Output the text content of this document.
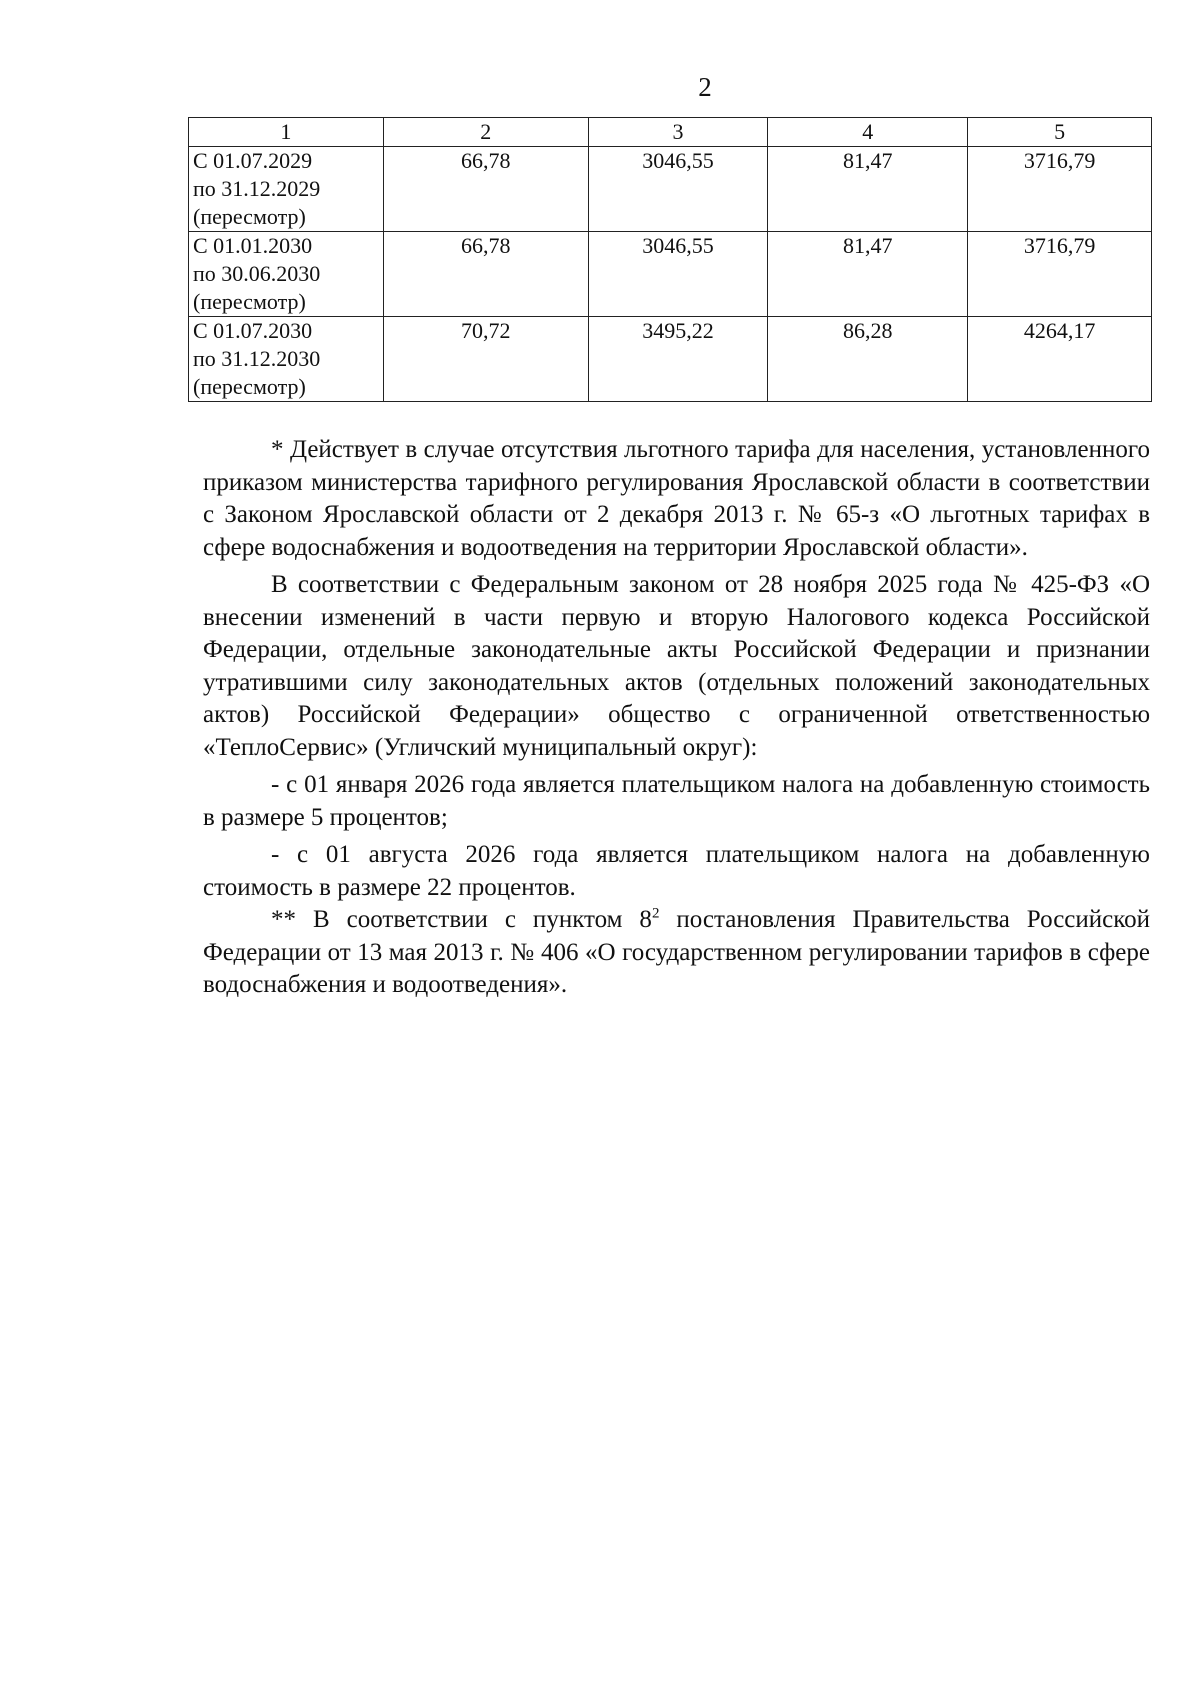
2
1	2	3	4	5

С 01.07.2029
по 31.12.2029
(пересмотр)	66,78	3046,55	81,47	3716,79

С 01.01.2030
по 30.06.2030
(пересмотр)	66,78	3046,55	81,47	3716,79

С 01.07.2030
по 31.12.2030
(пересмотр)	70,72	3495,22	86,28	4264,17

* Действует в случае отсутствия льготного тарифа для населения, установленного приказом министерства тарифного регулирования Ярославской области в соответствии с Законом Ярославской области от 2 декабря 2013 г. № 65-з «О льготных тарифах в сфере водоснабжения и водоотведения на территории Ярославской области».

В соответствии с Федеральным законом от 28 ноября 2025 года № 425-ФЗ «О внесении изменений в части первую и вторую Налогового кодекса Российской Федерации, отдельные законодательные акты Российской Федерации и признании утратившими силу законодательных актов (отдельных положений законодательных актов) Российской Федерации» общество с ограниченной ответственностью «ТеплоСервис» (Угличский муниципальный округ):

- с 01 января 2026 года является плательщиком налога на добавленную стоимость в размере 5 процентов;

- с 01 августа 2026 года является плательщиком налога на добавленную стоимость в размере 22 процентов.

** В соответствии с пунктом $8^2$ постановления Правительства Российской Федерации от 13 мая 2013 г. № 406 «О государственном регулировании тарифов в сфере водоснабжения и водоотведения».
